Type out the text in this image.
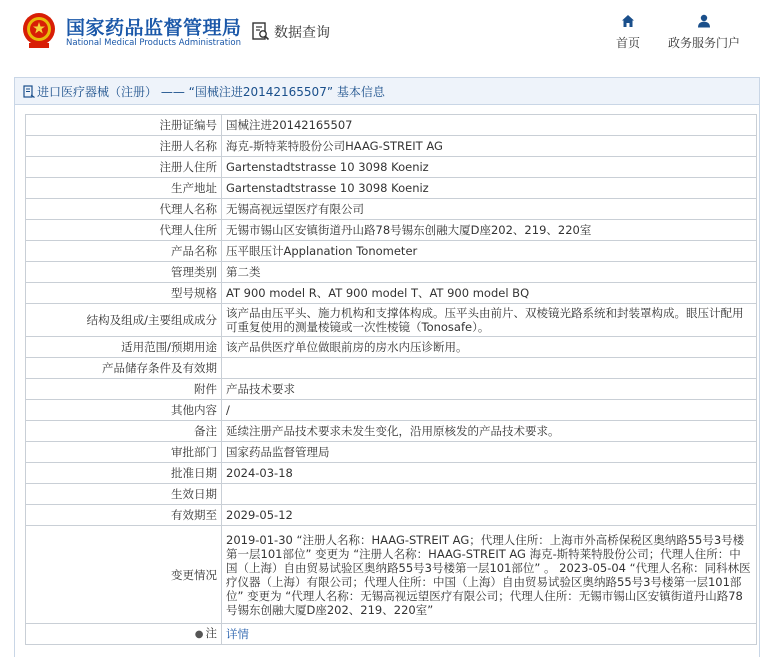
国家药品监督管理局
National Medical Products Administration
数据查询
首页 政务服务门户
进口医疗器械（注册） —— “国械注进20142165507” 基本信息
注册证编号	国械注进20142165507
注册人名称	海克-斯特莱特股份公司HAAG-STREIT AG
注册人住所	Gartenstadtstrasse 10 3098 Koeniz
生产地址	Gartenstadtstrasse 10 3098 Koeniz
代理人名称	无锡高视远望医疗有限公司
代理人住所	无锡市锡山区安镇街道丹山路78号锡东创融大厦D座202、219、220室
产品名称	压平眼压计Applanation Tonometer
管理类别	第二类
型号规格	AT 900 model R、AT 900 model T、AT 900 model BQ
结构及组成/主要组成成分	该产品由压平头、施力机构和支撑体构成。压平头由前片、双棱镜光路系统和封装罩构成。眼压计配用可重复使用的测量棱镜或一次性棱镜（Tonosafe）。
适用范围/预期用途	该产品供医疗单位做眼前房的房水内压诊断用。
产品储存条件及有效期	
附件	产品技术要求
其他内容	/
备注	延续注册产品技术要求未发生变化，沿用原核发的产品技术要求。
审批部门	国家药品监督管理局
批准日期	2024-03-18
生效日期	
有效期至	2029-05-12
变更情况	2019-01-30 “注册人名称：HAAG-STREIT AG；代理人住所：上海市外高桥保税区奥纳路55号3号楼第一层101部位” 变更为 “注册人名称：HAAG-STREIT AG 海克-斯特莱特股份公司；代理人住所：中国（上海）自由贸易试验区奥纳路55号3号楼第一层101部位” 。 2023-05-04 “代理人名称：同科林医疗仪器（上海）有限公司；代理人住所：中国（上海）自由贸易试验区奥纳路55号3号楼第一层101部位” 变更为 “代理人名称：无锡高视远望医疗有限公司；代理人住所：无锡市锡山区安镇街道丹山路78号锡东创融大厦D座202、219、220室”
● 注	详情
